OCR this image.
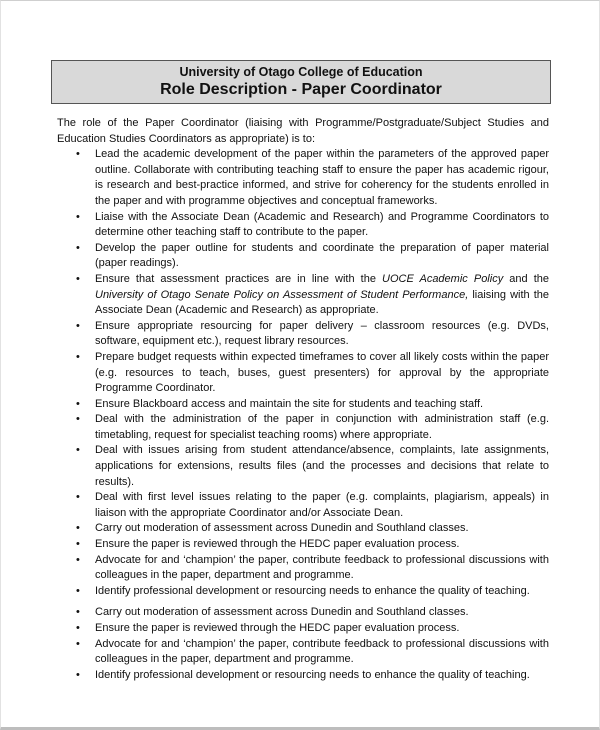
University of Otago College of Education
Role Description - Paper Coordinator

The role of the Paper Coordinator (liaising with Programme/Postgraduate/Subject Studies and Education Studies Coordinators as appropriate) is to:

• Lead the academic development of the paper within the parameters of the approved paper outline. Collaborate with contributing teaching staff to ensure the paper has academic rigour, is research and best-practice informed, and strive for coherency for the students enrolled in the paper and with programme objectives and conceptual frameworks.
• Liaise with the Associate Dean (Academic and Research) and Programme Coordinators to determine other teaching staff to contribute to the paper.
• Develop the paper outline for students and coordinate the preparation of paper material (paper readings).
• Ensure that assessment practices are in line with the UOCE Academic Policy and the University of Otago Senate Policy on Assessment of Student Performance, liaising with the Associate Dean (Academic and Research) as appropriate.
• Ensure appropriate resourcing for paper delivery – classroom resources (e.g. DVDs, software, equipment etc.), request library resources.
• Prepare budget requests within expected timeframes to cover all likely costs within the paper (e.g. resources to teach, buses, guest presenters) for approval by the appropriate Programme Coordinator.
• Ensure Blackboard access and maintain the site for students and teaching staff.
• Deal with the administration of the paper in conjunction with administration staff (e.g. timetabling, request for specialist teaching rooms) where appropriate.
• Deal with issues arising from student attendance/absence, complaints, late assignments, applications for extensions, results files (and the processes and decisions that relate to results).
• Deal with first level issues relating to the paper (e.g. complaints, plagiarism, appeals) in liaison with the appropriate Coordinator and/or Associate Dean.
• Carry out moderation of assessment across Dunedin and Southland classes.
• Ensure the paper is reviewed through the HEDC paper evaluation process.
• Advocate for and ‘champion’ the paper, contribute feedback to professional discussions with colleagues in the paper, department and programme.
• Identify professional development or resourcing needs to enhance the quality of teaching.
• Carry out moderation of assessment across Dunedin and Southland classes.
• Ensure the paper is reviewed through the HEDC paper evaluation process.
• Advocate for and ‘champion’ the paper, contribute feedback to professional discussions with colleagues in the paper, department and programme.
• Identify professional development or resourcing needs to enhance the quality of teaching.
